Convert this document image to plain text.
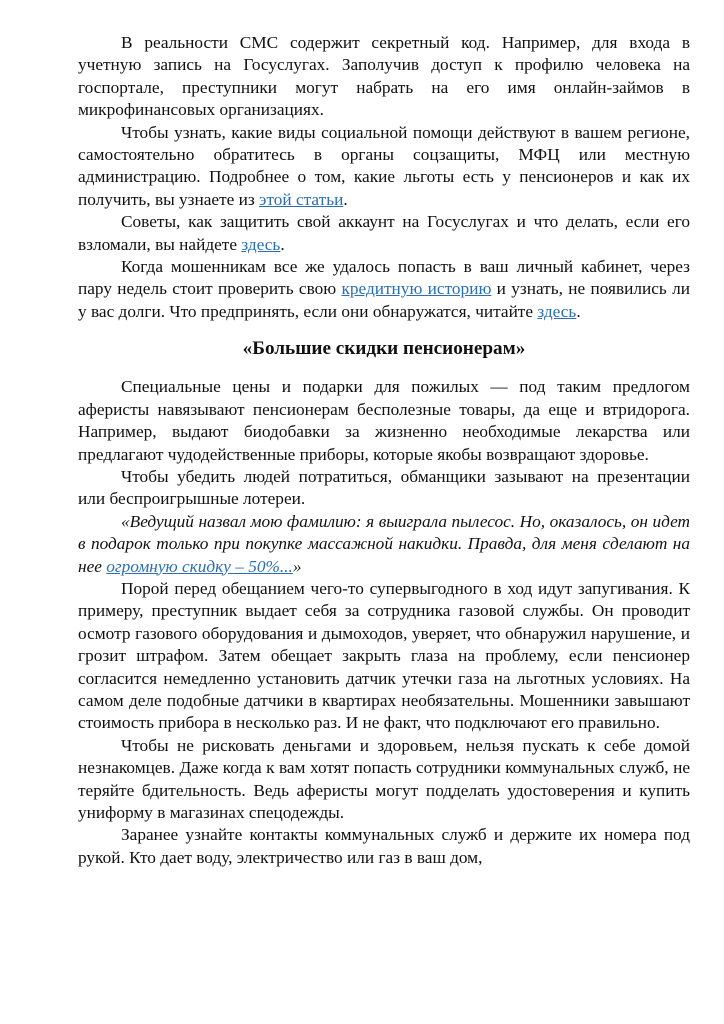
В реальности СМС содержит секретный код. Например, для входа в учетную запись на Госуслугах. Заполучив доступ к профилю человека на госпортале, преступники могут набрать на его имя онлайн-займов в микрофинансовых организациях.

Чтобы узнать, какие виды социальной помощи действуют в вашем регионе, самостоятельно обратитесь в органы соцзащиты, МФЦ или местную администрацию. Подробнее о том, какие льготы есть у пенсионеров и как их получить, вы узнаете из этой статьи.

Советы, как защитить свой аккаунт на Госуслугах и что делать, если его взломали, вы найдете здесь.

Когда мошенникам все же удалось попасть в ваш личный кабинет, через пару недель стоит проверить свою кредитную историю и узнать, не появились ли у вас долги. Что предпринять, если они обнаружатся, читайте здесь.

«Большие скидки пенсионерам»

Специальные цены и подарки для пожилых — под таким предлогом аферисты навязывают пенсионерам бесполезные товары, да еще и втридорога. Например, выдают биодобавки за жизненно необходимые лекарства или предлагают чудодейственные приборы, которые якобы возвращают здоровье.

Чтобы убедить людей потратиться, обманщики зазывают на презентации или беспроигрышные лотереи.

«Ведущий назвал мою фамилию: я выиграла пылесос. Но, оказалось, он идет в подарок только при покупке массажной накидки. Правда, для меня сделают на нее огромную скидку – 50%...»

Порой перед обещанием чего-то супервыгодного в ход идут запугивания. К примеру, преступник выдает себя за сотрудника газовой службы. Он проводит осмотр газового оборудования и дымоходов, уверяет, что обнаружил нарушение, и грозит штрафом. Затем обещает закрыть глаза на проблему, если пенсионер согласится немедленно установить датчик утечки газа на льготных условиях. На самом деле подобные датчики в квартирах необязательны. Мошенники завышают стоимость прибора в несколько раз. И не факт, что подключают его правильно.

Чтобы не рисковать деньгами и здоровьем, нельзя пускать к себе домой незнакомцев. Даже когда к вам хотят попасть сотрудники коммунальных служб, не теряйте бдительность. Ведь аферисты могут подделать удостоверения и купить униформу в магазинах спецодежды.

Заранее узнайте контакты коммунальных служб и держите их номера под рукой. Кто дает воду, электричество или газ в ваш дом,
